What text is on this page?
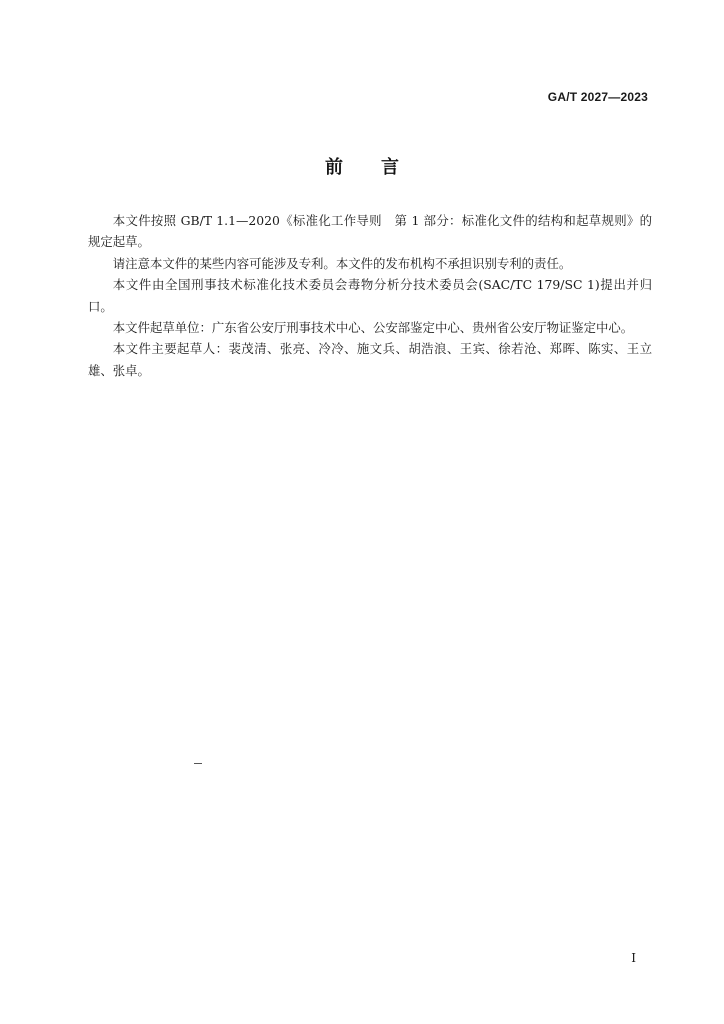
GA/T 2027—2023
前言

本文件按照 GB/T 1.1—2020《标准化工作导则　第 1 部分：标准化文件的结构和起草规则》的规定起草。

请注意本文件的某些内容可能涉及专利。本文件的发布机构不承担识别专利的责任。

本文件由全国刑事技术标准化技术委员会毒物分析分技术委员会(SAC/TC 179/SC 1)提出并归口。

本文件起草单位：广东省公安厅刑事技术中心、公安部鉴定中心、贵州省公安厅物证鉴定中心。

本文件主要起草人：裴茂清、张亮、冷冷、施文兵、胡浩浪、王宾、徐若沧、郑晖、陈实、王立雄、张卓。

I
